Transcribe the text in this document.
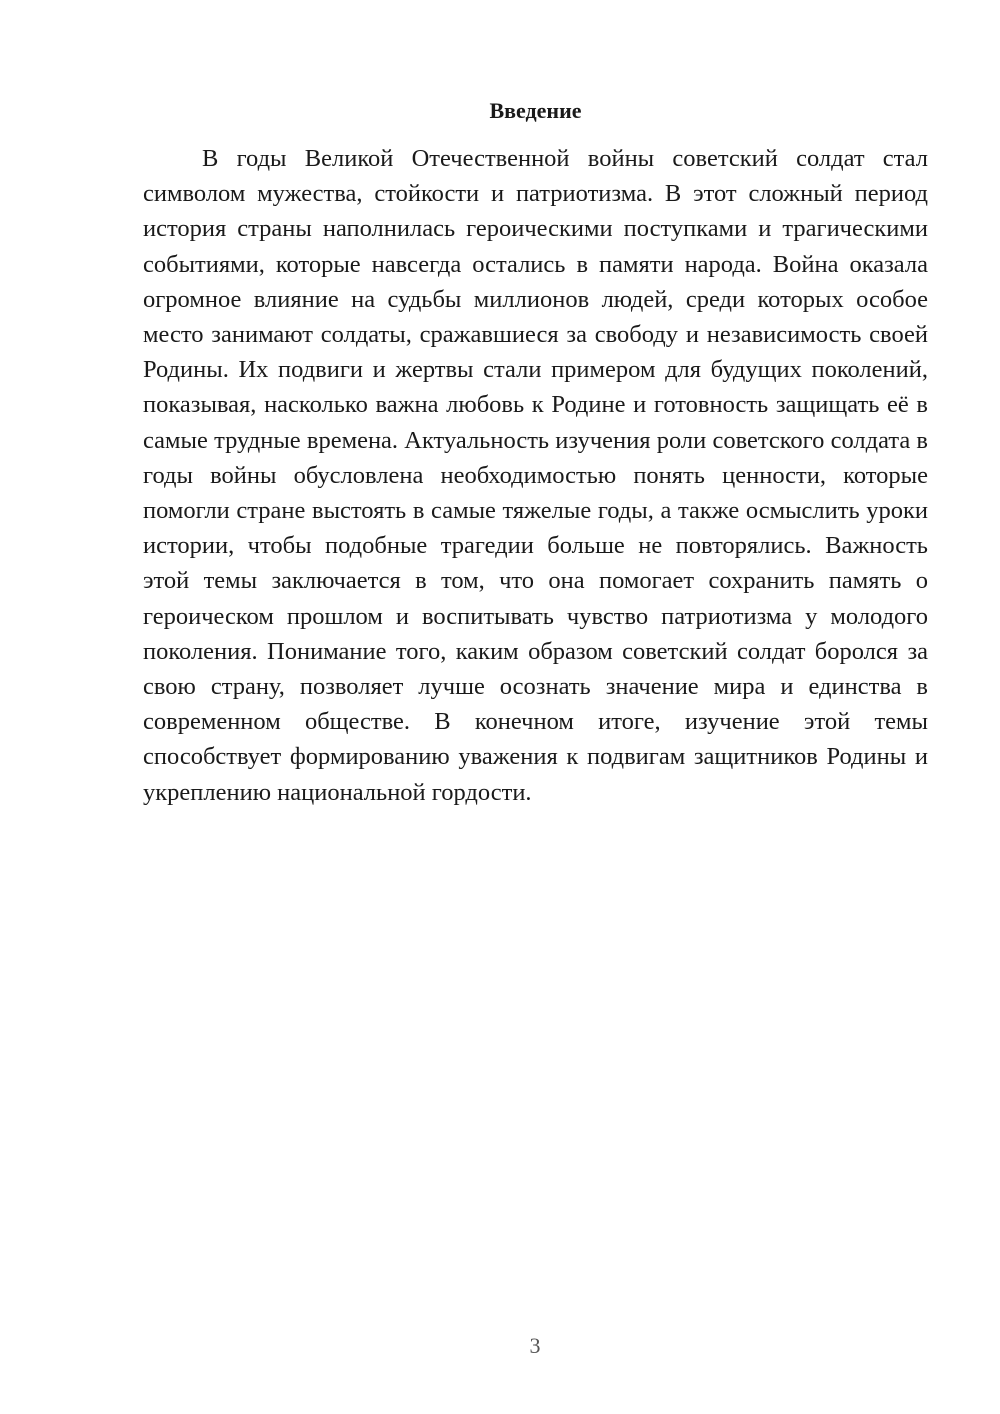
Введение

В годы Великой Отечественной войны советский солдат стал символом мужества, стойкости и патриотизма. В этот сложный период история страны наполнилась героическими поступками и трагическими событиями, которые навсегда остались в памяти народа. Война оказала огромное влияние на судьбы миллионов людей, среди которых особое место занимают солдаты, сражавшиеся за свободу и независимость своей Родины. Их подвиги и жертвы стали примером для будущих поколений, показывая, насколько важна любовь к Родине и готовность защищать её в самые трудные времена. Актуальность изучения роли советского солдата в годы войны обусловлена необходимостью понять ценности, которые помогли стране выстоять в самые тяжелые годы, а также осмыслить уроки истории, чтобы подобные трагедии больше не повторялись. Важность этой темы заключается в том, что она помогает сохранить память о героическом прошлом и воспитывать чувство патриотизма у молодого поколения. Понимание того, каким образом советский солдат боролся за свою страну, позволяет лучше осознать значение мира и единства в современном обществе. В конечном итоге, изучение этой темы способствует формированию уважения к подвигам защитников Родины и укреплению национальной гордости.

3
